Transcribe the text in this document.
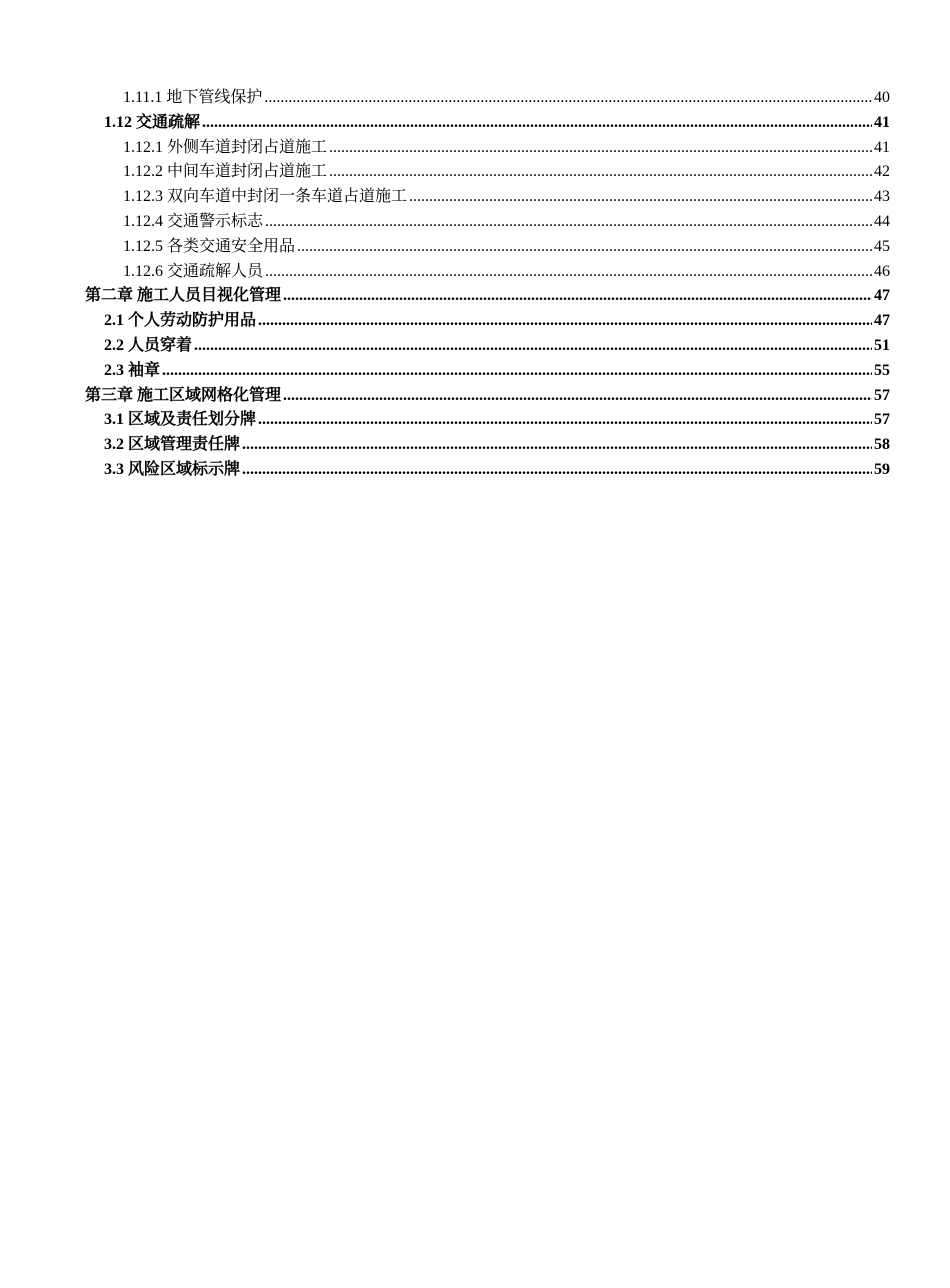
1.11.1 地下管线保护 .....	40
1.12 交通疏解 .....	41
1.12.1 外侧车道封闭占道施工 .....	41
1.12.2 中间车道封闭占道施工 .....	42
1.12.3 双向车道中封闭一条车道占道施工 .....	43
1.12.4 交通警示标志 .....	44
1.12.5 各类交通安全用品 .....	45
1.12.6 交通疏解人员 .....	46
第二章 施工人员目视化管理 .....	47
2.1 个人劳动防护用品 .....	47
2.2 人员穿着 .....	51
2.3 袖章 .....	55
第三章 施工区域网格化管理 .....	57
3.1 区域及责任划分牌 .....	57
3.2 区域管理责任牌 .....	58
3.3 风险区域标示牌 .....	59
